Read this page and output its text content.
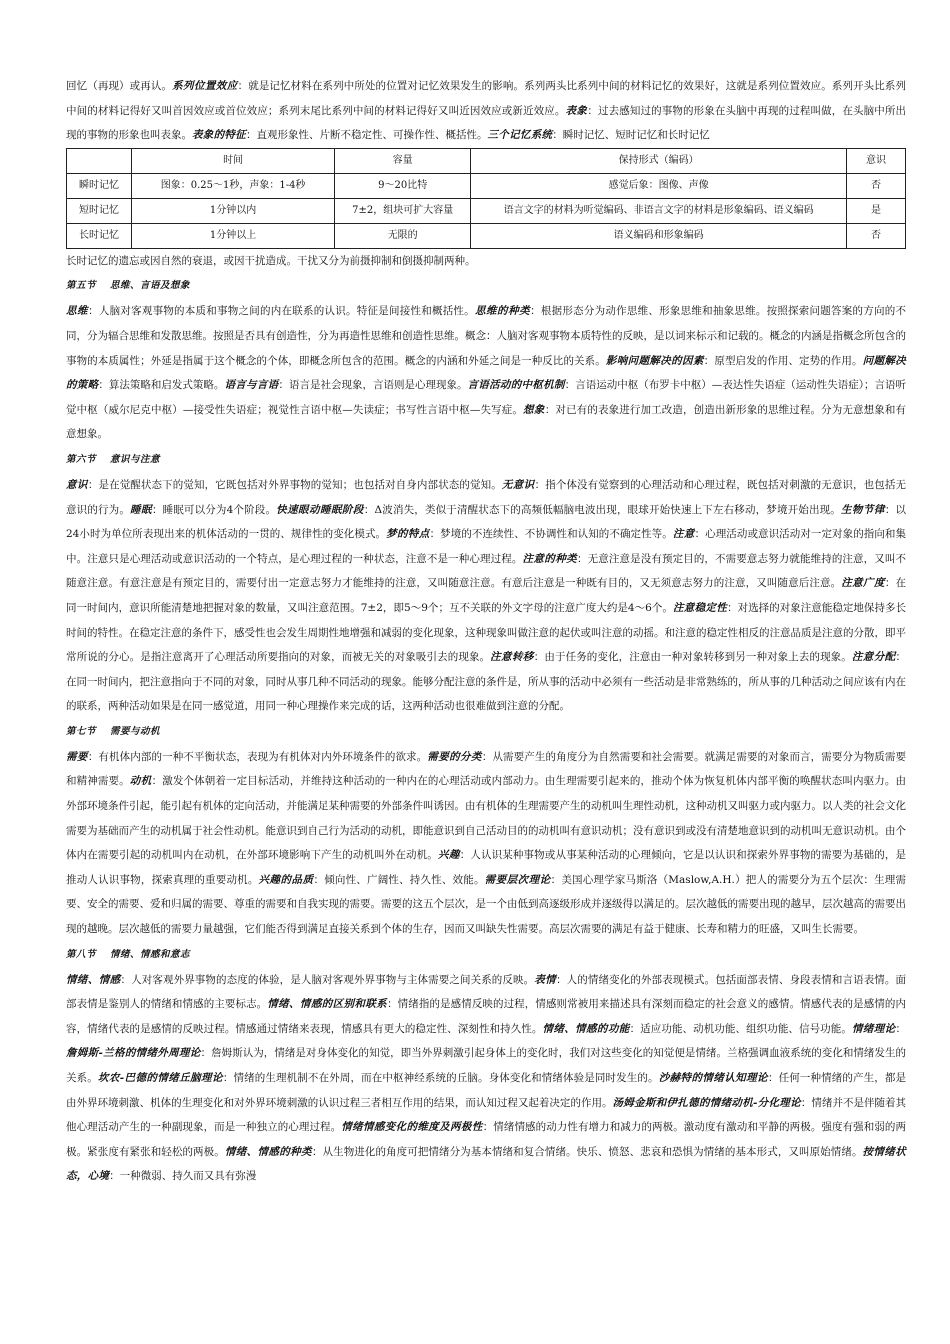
回忆（再现）或再认。系列位置效应：就是记忆材料在系列中所处的位置对记忆效果发生的影响。系列两头比系列中间的材料记忆的效果好，这就是系列位置效应。系列开头比系列中间的材料记得好又叫首因效应或首位效应；系列末尾比系列中间的材料记得好又叫近因效应或新近效应。表象：过去感知过的事物的形象在头脑中再现的过程叫做，在头脑中所出现的事物的形象也叫表象。表象的特征：直观形象性、片断不稳定性、可操作性、概括性。三个记忆系统：瞬时记忆、短时记忆和长时记忆

	时间	容量	保持形式（编码）	意识
瞬时记忆	图象：0.25～1秒，声象：1-4秒	9～20比特	感觉后象：图像、声像	否
短时记忆	1分钟以内	7±2，组块可扩大容量	语言文字的材料为听觉编码、非语言文字的材料是形象编码、语义编码	是
长时记忆	1分钟以上	无限的	语义编码和形象编码	否

长时记忆的遗忘或因自然的衰退，或因干扰造成。干扰又分为前摄抑制和倒摄抑制两种。

第五节 思维、言语及想象

思维：人脑对客观事物的本质和事物之间的内在联系的认识。特征是间接性和概括性。思维的种类：根据形态分为动作思维、形象思维和抽象思维。按照探索问题答案的方向的不同，分为辐合思维和发散思维。按照是否具有创造性，分为再造性思维和创造性思维。概念：人脑对客观事物本质特性的反映，是以词来标示和记载的。概念的内涵是指概念所包含的事物的本质属性；外延是指属于这个概念的个体，即概念所包含的范围。概念的内涵和外延之间是一种反比的关系。影响问题解决的因素：原型启发的作用、定势的作用。问题解决的策略：算法策略和启发式策略。语言与言语：语言是社会现象，言语则是心理现象。言语活动的中枢机制：言语运动中枢（布罗卡中枢）—表达性失语症（运动性失语症）；言语听觉中枢（威尔尼克中枢）—接受性失语症；视觉性言语中枢—失读症；书写性言语中枢—失写症。想象：对已有的表象进行加工改造，创造出新形象的思维过程。分为无意想象和有意想象。

第六节 意识与注意

意识：是在觉醒状态下的觉知，它既包括对外界事物的觉知；也包括对自身内部状态的觉知。无意识：指个体没有觉察到的心理活动和心理过程，既包括对刺激的无意识，也包括无意识的行为。睡眠：睡眠可以分为4个阶段。快速眼动睡眠阶段：Δ波消失，类似于清醒状态下的高频低幅脑电波出现，眼球开始快速上下左右移动，梦境开始出现。生物节律：以24小时为单位所表现出来的机体活动的一贯的、规律性的变化模式。梦的特点：梦境的不连续性、不协调性和认知的不确定性等。注意：心理活动或意识活动对一定对象的指向和集中。注意只是心理活动或意识活动的一个特点，是心理过程的一种状态，注意不是一种心理过程。注意的种类：无意注意是没有预定目的，不需要意志努力就能维持的注意，又叫不随意注意。有意注意是有预定目的，需要付出一定意志努力才能维持的注意，又叫随意注意。有意后注意是一种既有目的，又无须意志努力的注意，又叫随意后注意。注意广度：在同一时间内，意识所能清楚地把握对象的数量，又叫注意范围。7±2，即5～9个；互不关联的外文字母的注意广度大约是4～6个。注意稳定性：对选择的对象注意能稳定地保持多长时间的特性。在稳定注意的条件下，感受性也会发生周期性地增强和减弱的变化现象，这种现象叫做注意的起伏或叫注意的动摇。和注意的稳定性相反的注意品质是注意的分散，即平常所说的分心。是指注意离开了心理活动所要指向的对象，而被无关的对象吸引去的现象。注意转移：由于任务的变化，注意由一种对象转移到另一种对象上去的现象。注意分配：在同一时间内，把注意指向于不同的对象，同时从事几种不同活动的现象。能够分配注意的条件是，所从事的活动中必须有一些活动是非常熟练的，所从事的几种活动之间应该有内在的联系，两种活动如果是在同一感觉道，用同一种心理操作来完成的话，这两种活动也很难做到注意的分配。

第七节 需要与动机

需要：有机体内部的一种不平衡状态，表现为有机体对内外环境条件的欲求。需要的分类：从需要产生的角度分为自然需要和社会需要。就满足需要的对象而言，需要分为物质需要和精神需要。动机：激发个体朝着一定目标活动，并维持这种活动的一种内在的心理活动或内部动力。由生理需要引起来的，推动个体为恢复机体内部平衡的唤醒状态叫内驱力。由外部环境条件引起，能引起有机体的定向活动，并能满足某种需要的外部条件叫诱因。由有机体的生理需要产生的动机叫生理性动机，这种动机又叫驱力或内驱力。以人类的社会文化需要为基础而产生的动机属于社会性动机。能意识到自己行为活动的动机，即能意识到自己活动目的的动机叫有意识动机；没有意识到或没有清楚地意识到的动机叫无意识动机。由个体内在需要引起的动机叫内在动机，在外部环境影响下产生的动机叫外在动机。兴趣：人认识某种事物或从事某种活动的心理倾向，它是以认识和探索外界事物的需要为基础的，是推动人认识事物，探索真理的重要动机。兴趣的品质：倾向性、广阔性、持久性、效能。需要层次理论：美国心理学家马斯洛（Maslow,A.H.）把人的需要分为五个层次：生理需要、安全的需要、爱和归属的需要、尊重的需要和自我实现的需要。需要的这五个层次，是一个由低到高逐级形成并逐级得以满足的。层次越低的需要出现的越早，层次越高的需要出现的越晚。层次越低的需要力量越强，它们能否得到满足直接关系到个体的生存，因而又叫缺失性需要。高层次需要的满足有益于健康、长寿和精力的旺盛，又叫生长需要。

第八节 情绪、情感和意志

情绪、情感：人对客观外界事物的态度的体验，是人脑对客观外界事物与主体需要之间关系的反映。表情：人的情绪变化的外部表现模式。包括面部表情、身段表情和言语表情。面部表情是鉴别人的情绪和情感的主要标志。情绪、情感的区别和联系：情绪指的是感情反映的过程，情感则常被用来描述具有深刻而稳定的社会意义的感情。情感代表的是感情的内容，情绪代表的是感情的反映过程。情感通过情绪来表现，情感具有更大的稳定性、深刻性和持久性。情绪、情感的功能：适应功能、动机功能、组织功能、信号功能。情绪理论：詹姆斯-兰格的情绪外周理论：詹姆斯认为，情绪是对身体变化的知觉，即当外界刺激引起身体上的变化时，我们对这些变化的知觉便是情绪。兰格强调血液系统的变化和情绪发生的关系。坎农-巴德的情绪丘脑理论：情绪的生理机制不在外周，而在中枢神经系统的丘脑。身体变化和情绪体验是同时发生的。沙赫特的情绪认知理论：任何一种情绪的产生，都是由外界环境刺激、机体的生理变化和对外界环境刺激的认识过程三者相互作用的结果，而认知过程又起着决定的作用。汤姆金斯和伊扎德的情绪动机-分化理论：情绪并不是伴随着其他心理活动产生的一种副现象，而是一种独立的心理过程。情绪情感变化的维度及两极性：情绪情感的动力性有增力和减力的两极。激动度有激动和平静的两极。强度有强和弱的两极。紧张度有紧张和轻松的两极。情绪、情感的种类：从生物进化的角度可把情绪分为基本情绪和复合情绪。快乐、愤怒、悲哀和恐惧为情绪的基本形式，又叫原始情绪。按情绪状态，心境：一种微弱、持久而又具有弥漫
